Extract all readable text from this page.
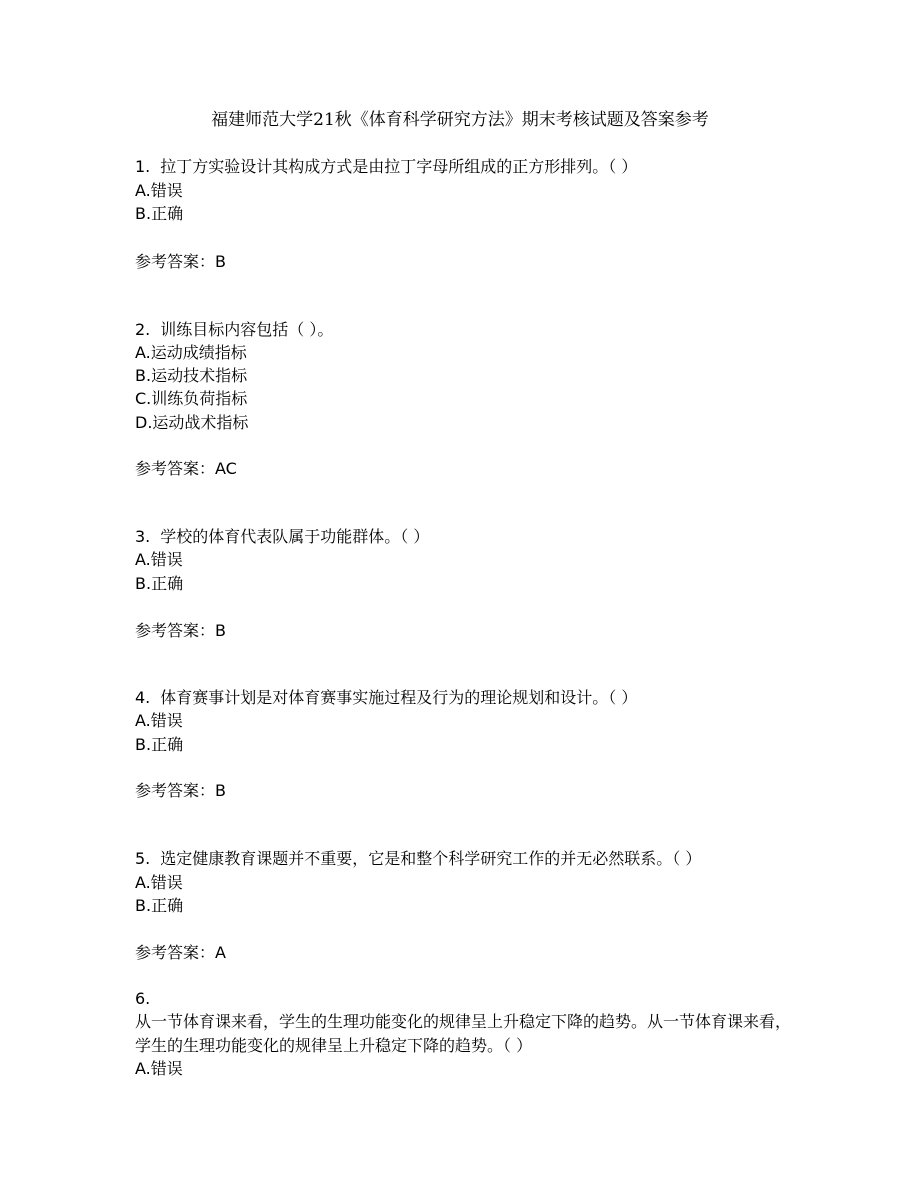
福建师范大学21秋《体育科学研究方法》期末考核试题及答案参考
1. 拉丁方实验设计其构成方式是由拉丁字母所组成的正方形排列。（ ）
A.错误
B.正确
参考答案：B
2. 训练目标内容包括（ ）。
A.运动成绩指标
B.运动技术指标
C.训练负荷指标
D.运动战术指标
参考答案：AC
3. 学校的体育代表队属于功能群体。（ ）
A.错误
B.正确
参考答案：B
4. 体育赛事计划是对体育赛事实施过程及行为的理论规划和设计。（ ）
A.错误
B.正确
参考答案：B
5. 选定健康教育课题并不重要，它是和整个科学研究工作的并无必然联系。（ ）
A.错误
B.正确
参考答案：A
6.
从一节体育课来看，学生的生理功能变化的规律呈上升稳定下降的趋势。从一节体育课来看，学生的生理功能变化的规律呈上升稳定下降的趋势。（ ）
A.错误
